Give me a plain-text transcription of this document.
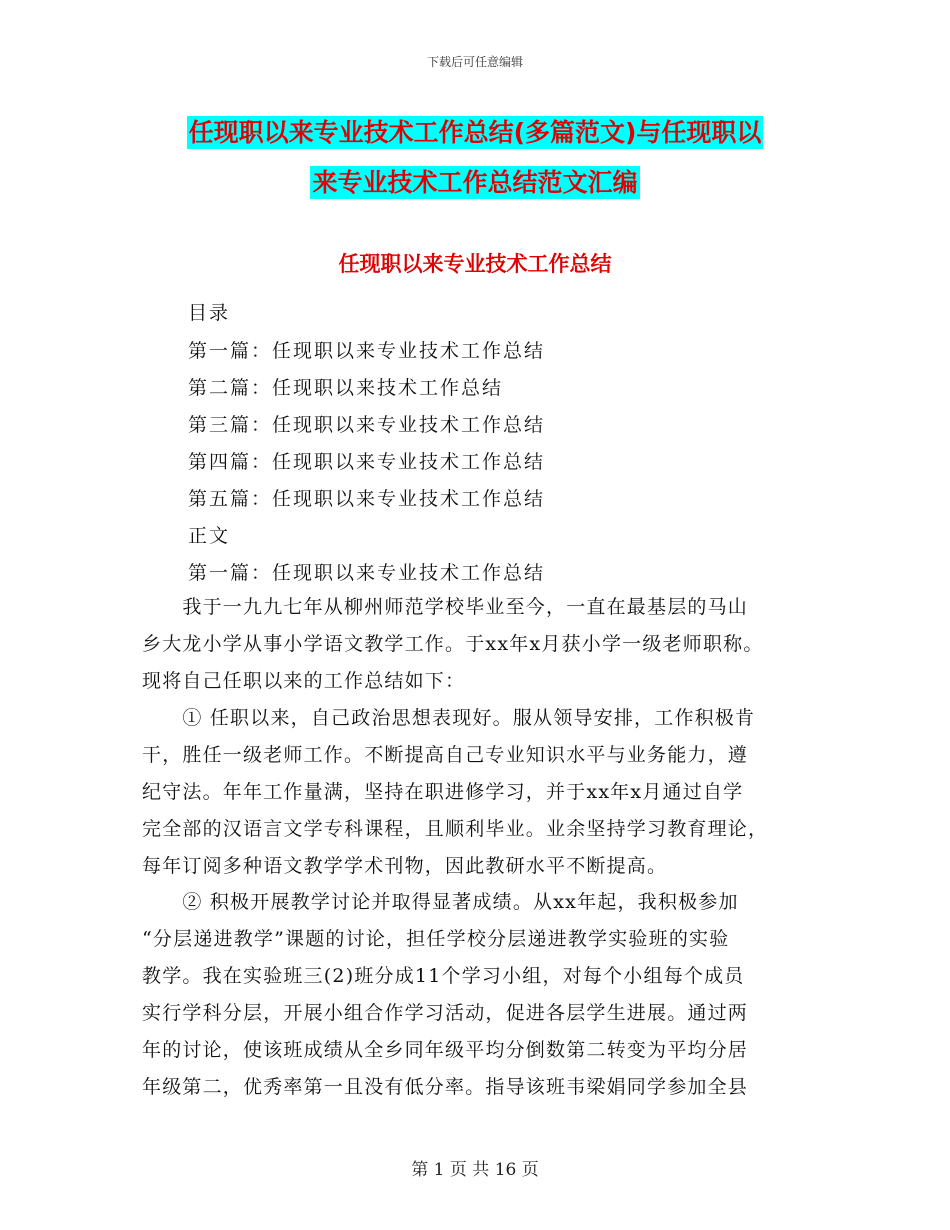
下载后可任意编辑
任现职以来专业技术工作总结(多篇范文)与任现职以
来专业技术工作总结范文汇编
任现职以来专业技术工作总结
目录
第一篇：任现职以来专业技术工作总结
第二篇：任现职以来技术工作总结
第三篇：任现职以来专业技术工作总结
第四篇：任现职以来专业技术工作总结
第五篇：任现职以来专业技术工作总结
正文
第一篇：任现职以来专业技术工作总结
　　我于一九九七年从柳州师范学校毕业至今，一直在最基层的马山
乡大龙小学从事小学语文教学工作。于xx年x月获小学一级老师职称。
现将自己任职以来的工作总结如下：
　　① 任职以来，自己政治思想表现好。服从领导安排，工作积极肯
干，胜任一级老师工作。不断提高自己专业知识水平与业务能力，遵
纪守法。年年工作量满，坚持在职进修学习，并于xx年x月通过自学
完全部的汉语言文学专科课程，且顺利毕业。业余坚持学习教育理论，
每年订阅多种语文教学学术刊物，因此教研水平不断提高。
　　② 积极开展教学讨论并取得显著成绩。从xx年起，我积极参加
“分层递进教学”课题的讨论，担任学校分层递进教学实验班的实验
教学。我在实验班三(2)班分成11个学习小组，对每个小组每个成员
实行学科分层，开展小组合作学习活动，促进各层学生进展。通过两
年的讨论，使该班成绩从全乡同年级平均分倒数第二转变为平均分居
年级第二，优秀率第一且没有低分率。指导该班韦梁娟同学参加全县
第 1 页 共 16 页
